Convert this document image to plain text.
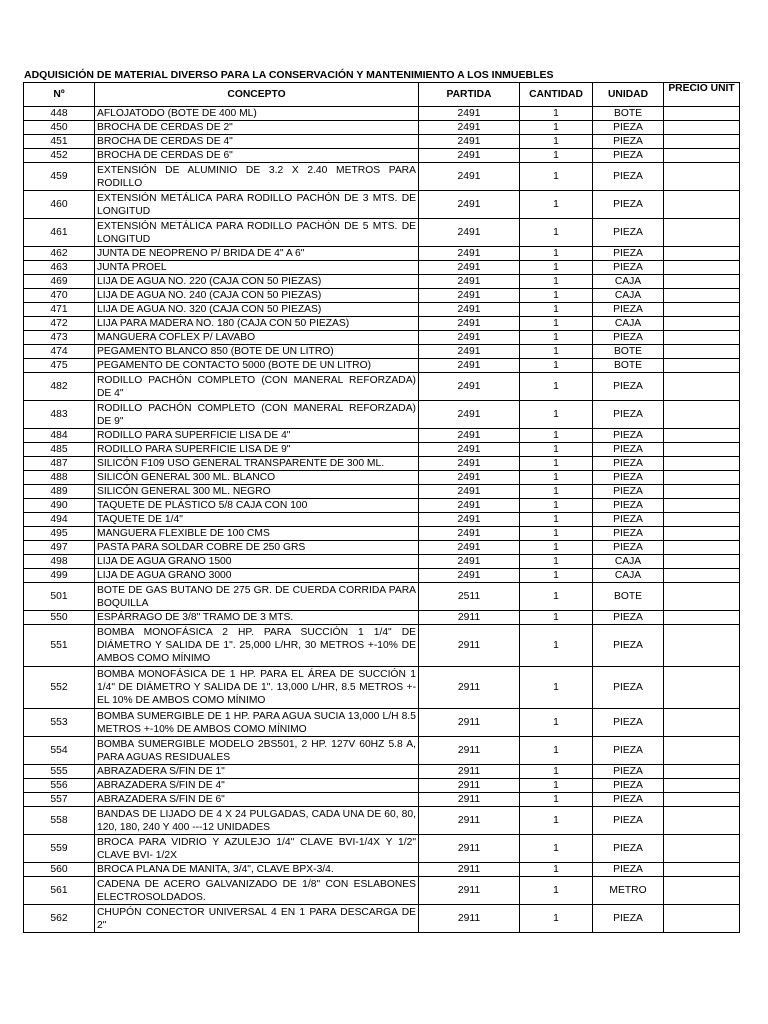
ADQUISICIÓN DE MATERIAL DIVERSO PARA LA CONSERVACIÓN Y MANTENIMIENTO A LOS INMUEBLES
Nº	CONCEPTO	PARTIDA	CANTIDAD	UNIDAD	PRECIO UNIT
448	AFLOJATODO (BOTE DE 400 ML)	2491	1	BOTE	
450	BROCHA DE CERDAS DE 2"	2491	1	PIEZA	
451	BROCHA DE CERDAS DE 4"	2491	1	PIEZA	
452	BROCHA DE CERDAS DE 6"	2491	1	PIEZA	
459	EXTENSIÓN DE ALUMINIO DE 3.2 X 2.40 METROS PARA RODILLO	2491	1	PIEZA	
460	EXTENSIÓN METÁLICA PARA RODILLO PACHÓN DE 3 MTS. DE LONGITUD	2491	1	PIEZA	
461	EXTENSIÓN METÁLICA PARA RODILLO PACHÓN DE 5 MTS. DE LONGITUD	2491	1	PIEZA	
462	JUNTA DE NEOPRENO P/ BRIDA DE 4" A 6"	2491	1	PIEZA	
463	JUNTA PROEL	2491	1	PIEZA	
469	LIJA DE AGUA NO. 220 (CAJA CON 50 PIEZAS)	2491	1	CAJA	
470	LIJA DE AGUA NO. 240 (CAJA CON 50 PIEZAS)	2491	1	CAJA	
471	LIJA DE AGUA NO. 320 (CAJA CON 50 PIEZAS)	2491	1	PIEZA	
472	LIJA PARA MADERA NO. 180 (CAJA CON 50 PIEZAS)	2491	1	CAJA	
473	MANGUERA COFLEX P/ LAVABO	2491	1	PIEZA	
474	PEGAMENTO BLANCO 850 (BOTE DE UN LITRO)	2491	1	BOTE	
475	PEGAMENTO DE CONTACTO 5000 (BOTE DE UN LITRO)	2491	1	BOTE	
482	RODILLO PACHÓN COMPLETO (CON MANERAL REFORZADA) DE 4"	2491	1	PIEZA	
483	RODILLO PACHÓN COMPLETO (CON MANERAL REFORZADA) DE 9"	2491	1	PIEZA	
484	RODILLO PARA SUPERFICIE LISA DE 4"	2491	1	PIEZA	
485	RODILLO PARA SUPERFICIE LISA DE 9"	2491	1	PIEZA	
487	SILICÓN F109 USO GENERAL TRANSPARENTE DE 300 ML.	2491	1	PIEZA	
488	SILICÓN GENERAL 300 ML. BLANCO	2491	1	PIEZA	
489	SILICÓN GENERAL 300 ML. NEGRO	2491	1	PIEZA	
490	TAQUETE DE PLÁSTICO 5/8 CAJA CON 100	2491	1	PIEZA	
494	TAQUETE DE 1/4"	2491	1	PIEZA	
495	MANGUERA FLEXIBLE DE 100 CMS	2491	1	PIEZA	
497	PASTA PARA SOLDAR COBRE DE 250 GRS	2491	1	PIEZA	
498	LIJA DE AGUA GRANO 1500	2491	1	CAJA	
499	LIJA DE AGUA GRANO 3000	2491	1	CAJA	
501	BOTE DE GAS BUTANO DE 275 GR. DE CUERDA CORRIDA PARA BOQUILLA	2511	1	BOTE	
550	ESPÁRRAGO DE 3/8" TRAMO DE 3 MTS.	2911	1	PIEZA	
551	BOMBA MONOFÁSICA 2 HP. PARA SUCCIÓN 1 1/4" DE DIÁMETRO Y SALIDA DE 1". 25,000 L/HR, 30 METROS +-10% DE AMBOS COMO MÍNIMO	2911	1	PIEZA	
552	BOMBA MONOFÁSICA DE 1 HP. PARA EL ÁREA DE SUCCIÓN 1 1/4" DE DIÁMETRO Y SALIDA DE 1". 13,000 L/HR, 8.5 METROS +- EL 10% DE AMBOS COMO MÍNIMO	2911	1	PIEZA	
553	BOMBA SUMERGIBLE DE 1 HP. PARA AGUA SUCIA 13,000 L/H 8.5 METROS +-10% DE AMBOS COMO MÍNIMO	2911	1	PIEZA	
554	BOMBA SUMERGIBLE MODELO 2BS501, 2 HP. 127V 60HZ 5.8 A, PARA AGUAS RESIDUALES	2911	1	PIEZA	
555	ABRAZADERA S/FIN DE 1"	2911	1	PIEZA	
556	ABRAZADERA S/FIN DE 4"	2911	1	PIEZA	
557	ABRAZADERA S/FIN DE 6"	2911	1	PIEZA	
558	BANDAS DE LIJADO DE 4 X 24 PULGADAS, CADA UNA DE 60, 80, 120, 180, 240 Y 400 ---12 UNIDADES	2911	1	PIEZA	
559	BROCA PARA VIDRIO Y AZULEJO 1/4" CLAVE BVI-1/4X Y 1/2" CLAVE BVI- 1/2X	2911	1	PIEZA	
560	BROCA PLANA DE MANITA, 3/4", CLAVE BPX-3/4.	2911	1	PIEZA	
561	CADENA DE ACERO GALVANIZADO DE 1/8" CON ESLABONES ELECTROSOLDADOS.	2911	1	METRO	
562	CHUPÓN CONECTOR UNIVERSAL 4 EN 1 PARA DESCARGA DE 2"	2911	1	PIEZA	
